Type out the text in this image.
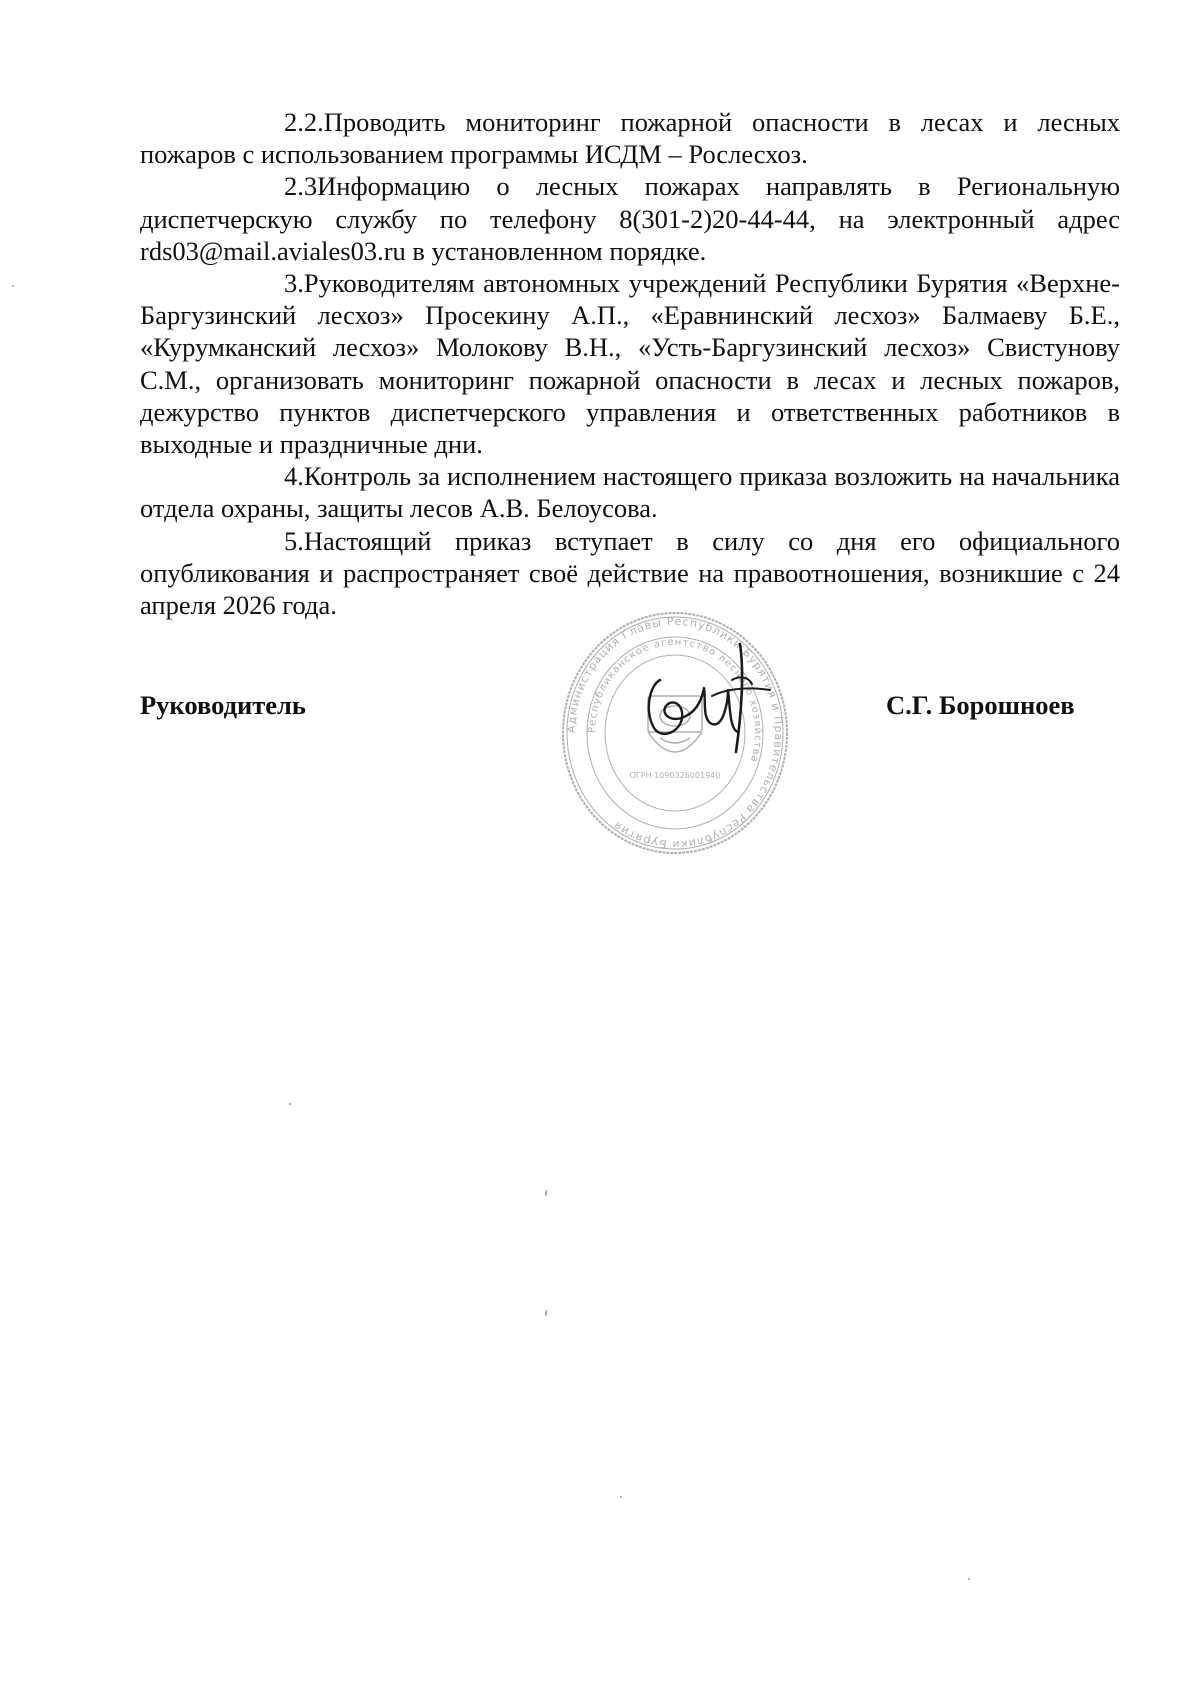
2.2.Проводить мониторинг пожарной опасности в лесах и лесных пожаров с использованием программы ИСДМ – Рослесхоз.

2.3Информацию о лесных пожарах направлять в Региональную диспетчерскую службу по телефону 8(301-2)20-44-44, на электронный адрес rds03@mail.aviales03.ru в установленном порядке.

3.Руководителям автономных учреждений Республики Бурятия «Верхне-Баргузинский лесхоз» Просекину А.П., «Еравнинский лесхоз» Балмаеву Б.Е., «Курумканский лесхоз» Молокову В.Н., «Усть-Баргузинский лесхоз» Свистунову С.М., организовать мониторинг пожарной опасности в лесах и лесных пожаров, дежурство пунктов диспетчерского управления и ответственных работников в выходные и праздничные дни.

4.Контроль за исполнением настоящего приказа возложить на начальника отдела охраны, защиты лесов А.В. Белоусова.

5.Настоящий приказ вступает в силу со дня его официального опубликования и распространяет своё действие на правоотношения, возникшие с 24 апреля 2026 года.

Администрация Главы Республики Бурятия и Правительства Республики Бурятия
Республиканское агентство лесного хозяйства
ОГРН 1090326001940
Руководитель	С.Г. Борошноев
